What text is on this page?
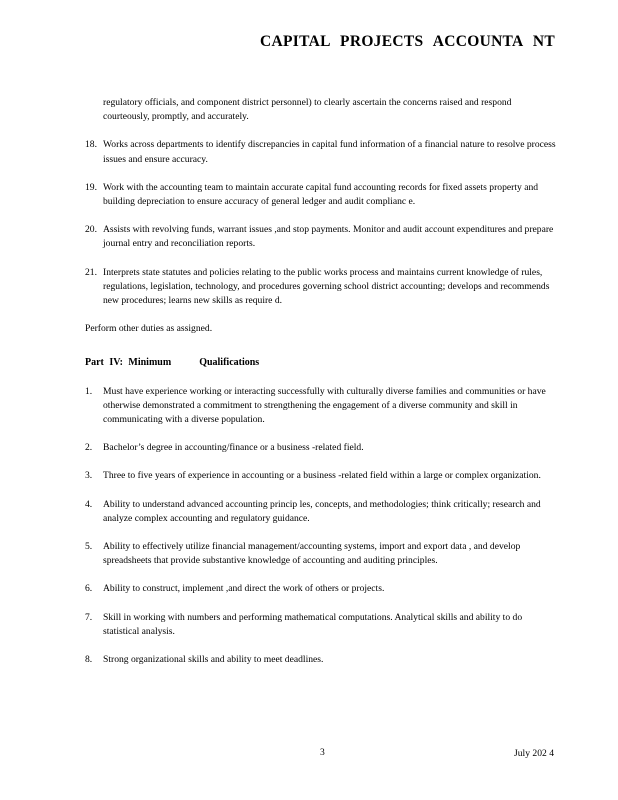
CAPITAL PROJECTS ACCOUNTA NT
regulatory officials, and component district personnel) to clearly ascertain the concerns raised and respond courteously, promptly, and accurately.
18. Works across departments to identify discrepancies in capital fund information of a financial nature to resolve process issues and ensure accuracy.
19. Work with the accounting team to maintain accurate capital fund accounting records for fixed assets property and building depreciation to ensure accuracy of general ledger and audit complianc e.
20. Assists with revolving funds, warrant issues ,and stop payments. Monitor and audit account expenditures and prepare journal entry and reconciliation reports.
21. Interprets state statutes and policies relating to the public works process and maintains current knowledge of rules, regulations, legislation, technology, and procedures governing school district accounting; develops and recommends new procedures; learns new skills as require d.
Perform other duties as assigned.
Part IV: Minimum	Qualifications
1.	Must have experience working or interacting successfully with culturally diverse families and communities or have otherwise demonstrated a commitment to strengthening the engagement of a diverse community and skill in communicating with a diverse population.
2.	Bachelor’s degree in accounting/finance or a business -related field.
3.	Three to five years of experience in accounting or a business -related field within a large or complex organization.
4.	Ability to understand advanced accounting princip les, concepts, and methodologies; think critically; research and analyze complex accounting and regulatory guidance.
5.	Ability to effectively utilize financial management/accounting systems, import and export data , and develop spreadsheets that provide substantive knowledge of accounting and auditing principles.
6.	Ability to construct, implement ,and direct the work of others or projects.
7.	Skill in working with numbers and performing mathematical computations. Analytical skills and ability to do statistical analysis.
8.	Strong organizational skills and ability to meet deadlines.
3	July 202 4
